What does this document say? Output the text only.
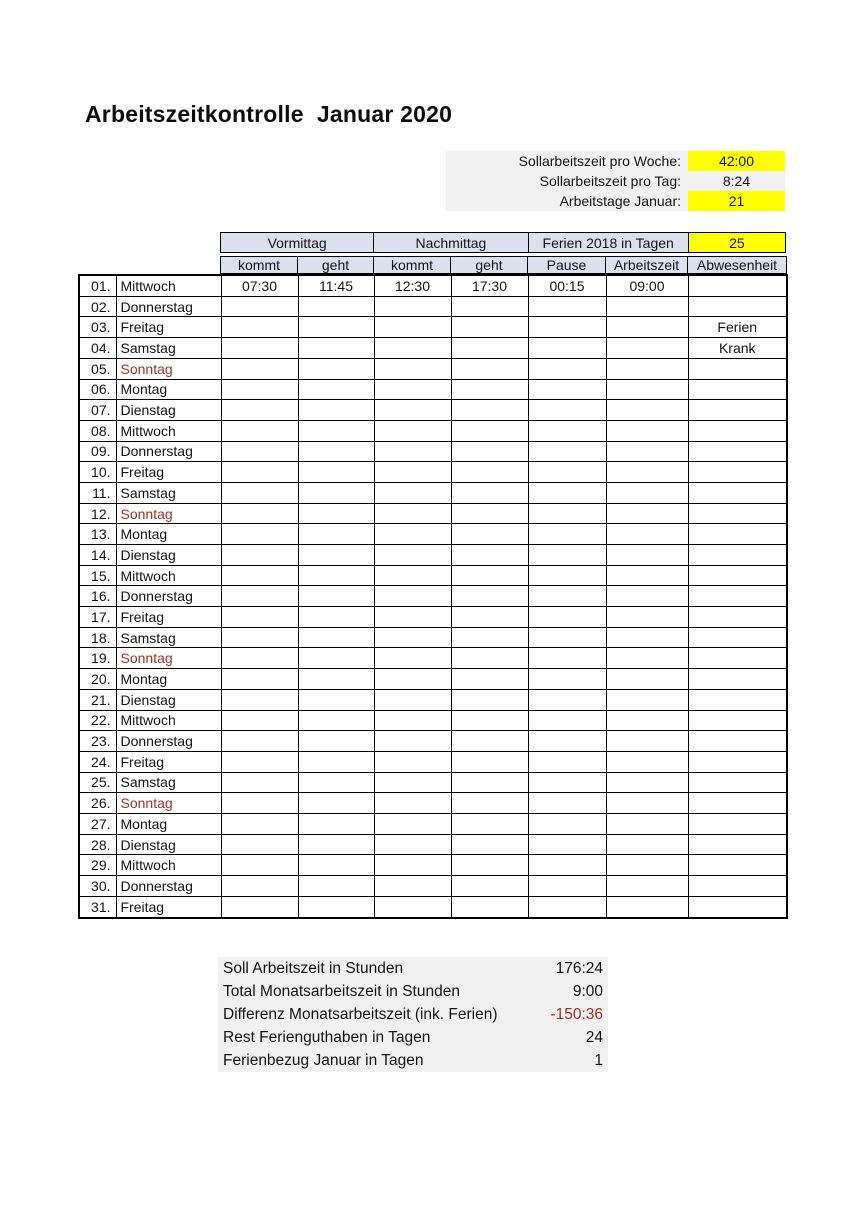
Arbeitszeitkontrolle  Januar 2020
Sollarbeitszeit pro Woche:	42:00
Sollarbeitszeit pro Tag:	8:24
Arbeitstage Januar:	21
Vormittag	Nachmittag	Ferien 2018 in Tagen	25
kommt	geht	kommt	geht	Pause	Arbeitszeit	Abwesenheit
01.	Mittwoch	07:30	11:45	12:30	17:30	00:15	09:00	
02.	Donnerstag							
03.	Freitag							Ferien
04.	Samstag							Krank
05.	Sonntag							
06.	Montag							
07.	Dienstag							
08.	Mittwoch							
09.	Donnerstag							
10.	Freitag							
11.	Samstag							
12.	Sonntag							
13.	Montag							
14.	Dienstag							
15.	Mittwoch							
16.	Donnerstag							
17.	Freitag							
18.	Samstag							
19.	Sonntag							
20.	Montag							
21.	Dienstag							
22.	Mittwoch							
23.	Donnerstag							
24.	Freitag							
25.	Samstag							
26.	Sonntag							
27.	Montag							
28.	Dienstag							
29.	Mittwoch							
30.	Donnerstag							
31.	Freitag							
Soll Arbeitszeit in Stunden	176:24
Total Monatsarbeitszeit in Stunden	9:00
Differenz Monatsarbeitszeit (ink. Ferien)	-150:36
Rest Ferienguthaben in Tagen	24
Ferienbezug Januar in Tagen	1
